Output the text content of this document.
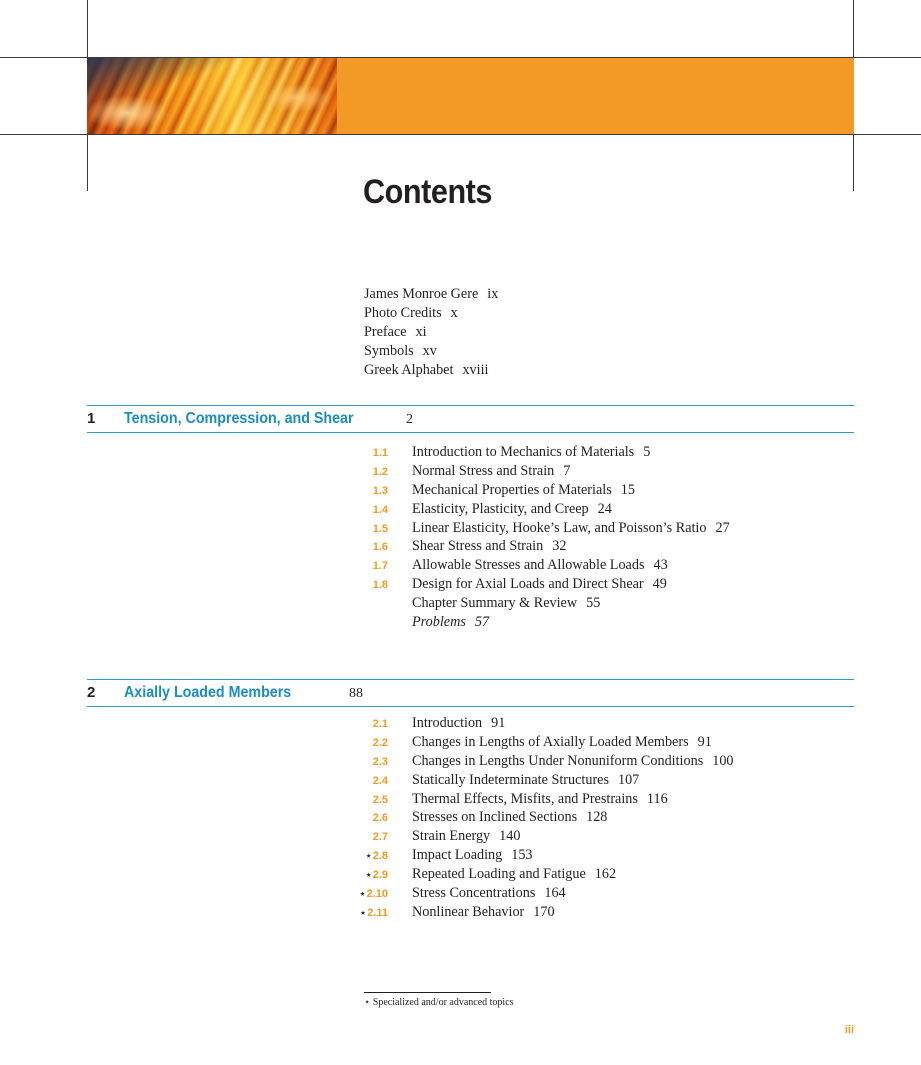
Contents
James Monroe Gere ix
Photo Credits x
Preface xi
Symbols xv
Greek Alphabet xviii
1 Tension, Compression, and Shear	2
1.1 Introduction to Mechanics of Materials 5
1.2 Normal Stress and Strain 7
1.3 Mechanical Properties of Materials 15
1.4 Elasticity, Plasticity, and Creep 24
1.5 Linear Elasticity, Hooke’s Law, and Poisson’s Ratio 27
1.6 Shear Stress and Strain 32
1.7 Allowable Stresses and Allowable Loads 43
1.8 Design for Axial Loads and Direct Shear 49
Chapter Summary & Review 55
Problems 57
2 Axially Loaded Members	88
2.1 Introduction 91
2.2 Changes in Lengths of Axially Loaded Members 91
2.3 Changes in Lengths Under Nonuniform Conditions 100
2.4 Statically Indeterminate Structures 107
2.5 Thermal Effects, Misfits, and Prestrains 116
2.6 Stresses on Inclined Sections 128
2.7 Strain Energy 140
⋆2.8 Impact Loading 153
⋆2.9 Repeated Loading and Fatigue 162
⋆2.10 Stress Concentrations 164
⋆2.11 Nonlinear Behavior 170
⋆ Specialized and/or advanced topics
iii
